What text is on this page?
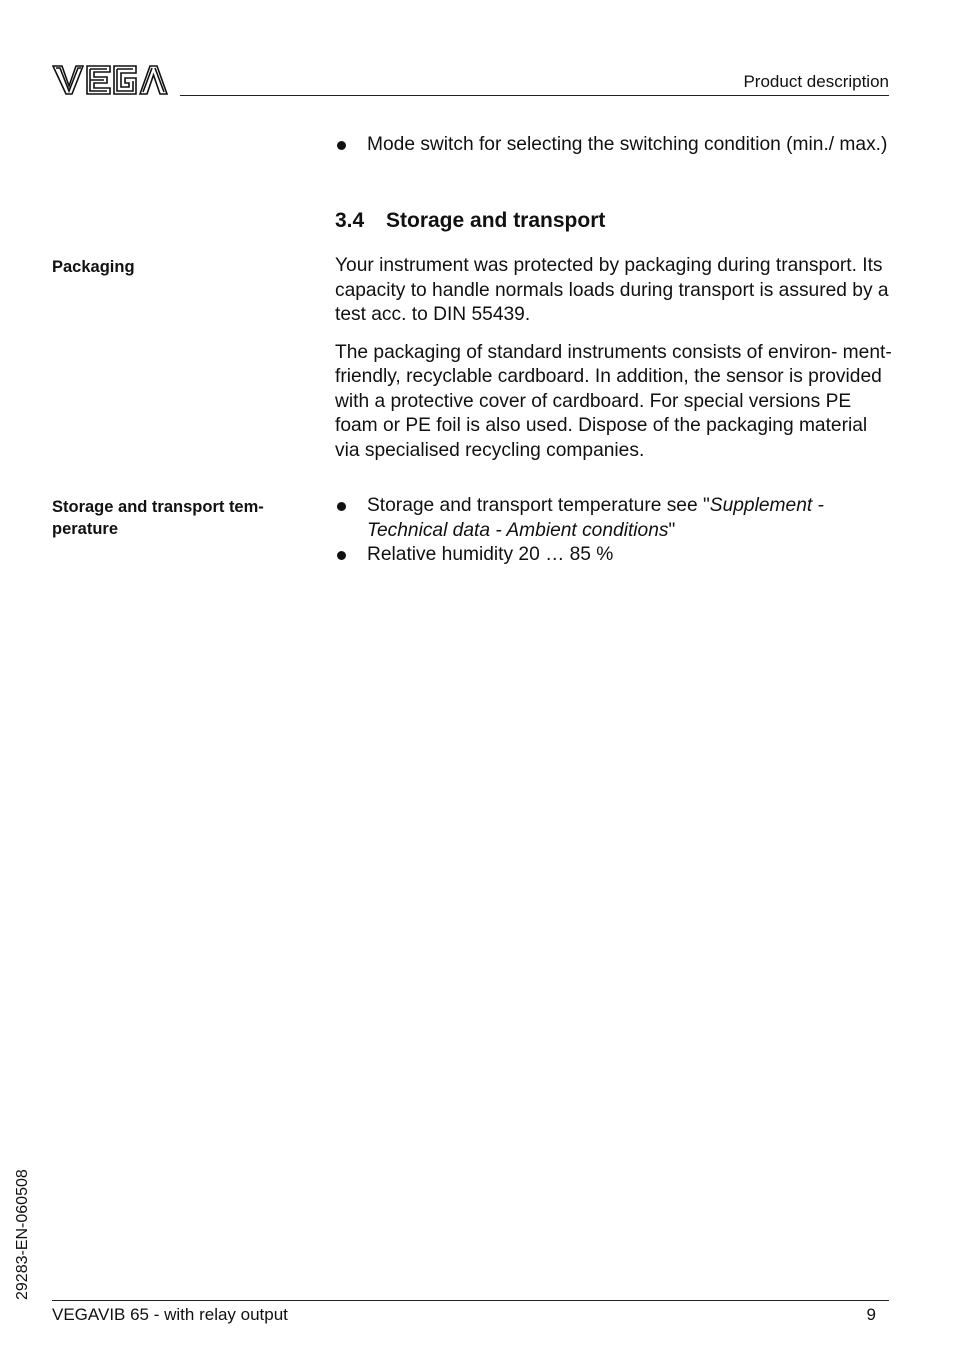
VEGA
Product description
Mode switch for selecting the switching condition (min./ max.)
3.4 Storage and transport
Packaging	Your instrument was protected by packaging during transport. Its capacity to handle normals loads during transport is assured by a test acc. to DIN 55439.

The packaging of standard instruments consists of environ- ment-friendly, recyclable cardboard. In addition, the sensor is provided with a protective cover of cardboard. For special versions PE foam or PE foil is also used. Dispose of the packaging material via specialised recycling companies.

Storage and transport tem- perature
Storage and transport temperature see "Supplement - Technical data - Ambient conditions"
Relative humidity 20 … 85 %
29283-EN-060508
VEGAVIB 65 - with relay output	9
